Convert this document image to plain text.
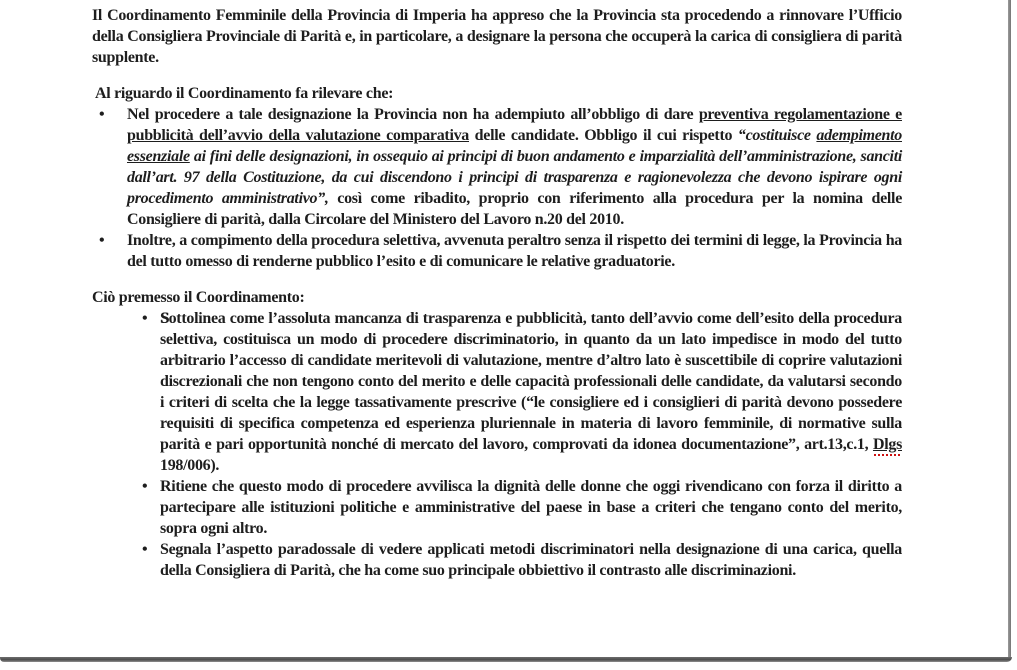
Il Coordinamento Femminile della Provincia di Imperia ha appreso che la Provincia sta procedendo a rinnovare l’Ufficio della Consigliera Provinciale di Parità e, in particolare, a designare la persona che occuperà la carica di consigliera di parità supplente.

Al riguardo il Coordinamento fa rilevare che:

• Nel procedere a tale designazione la Provincia non ha adempiuto all’obbligo di dare preventiva regolamentazione e pubblicità dell’avvio della valutazione comparativa delle candidate. Obbligo il cui rispetto “costituisce adempimento essenziale ai fini delle designazioni, in ossequio ai principi di buon andamento e imparzialità dell’amministrazione, sanciti dall’art. 97 della Costituzione, da cui discendono i principi di trasparenza e ragionevolezza che devono ispirare ogni procedimento amministrativo”, così come ribadito, proprio con riferimento alla procedura per la nomina delle Consigliere di parità, dalla Circolare del Ministero del Lavoro n.20 del 2010.
• Inoltre, a compimento della procedura selettiva, avvenuta peraltro senza il rispetto dei termini di legge, la Provincia ha del tutto omesso di renderne pubblico l’esito e di comunicare le relative graduatorie.

Ciò premesso il Coordinamento:

• Sottolinea come l’assoluta mancanza di trasparenza e pubblicità, tanto dell’avvio come dell’esito della procedura selettiva, costituisca un modo di procedere discriminatorio, in quanto da un lato impedisce in modo del tutto arbitrario l’accesso di candidate meritevoli di valutazione, mentre d’altro lato è suscettibile di coprire valutazioni discrezionali che non tengono conto del merito e delle capacità professionali delle candidate, da valutarsi secondo i criteri di scelta che la legge tassativamente prescrive (“le consigliere ed i consiglieri di parità devono possedere requisiti di specifica competenza ed esperienza pluriennale in materia di lavoro femminile, di normative sulla parità e pari opportunità nonché di mercato del lavoro, comprovati da idonea documentazione”, art.13,c.1, Dlgs 198/006).
• Ritiene che questo modo di procedere avvilisca la dignità delle donne che oggi rivendicano con forza il diritto a partecipare alle istituzioni politiche e amministrative del paese in base a criteri che tengano conto del merito, sopra ogni altro.
• Segnala l’aspetto paradossale di vedere applicati metodi discriminatori nella designazione di una carica, quella della Consigliera di Parità, che ha come suo principale obbiettivo il contrasto alle discriminazioni.
